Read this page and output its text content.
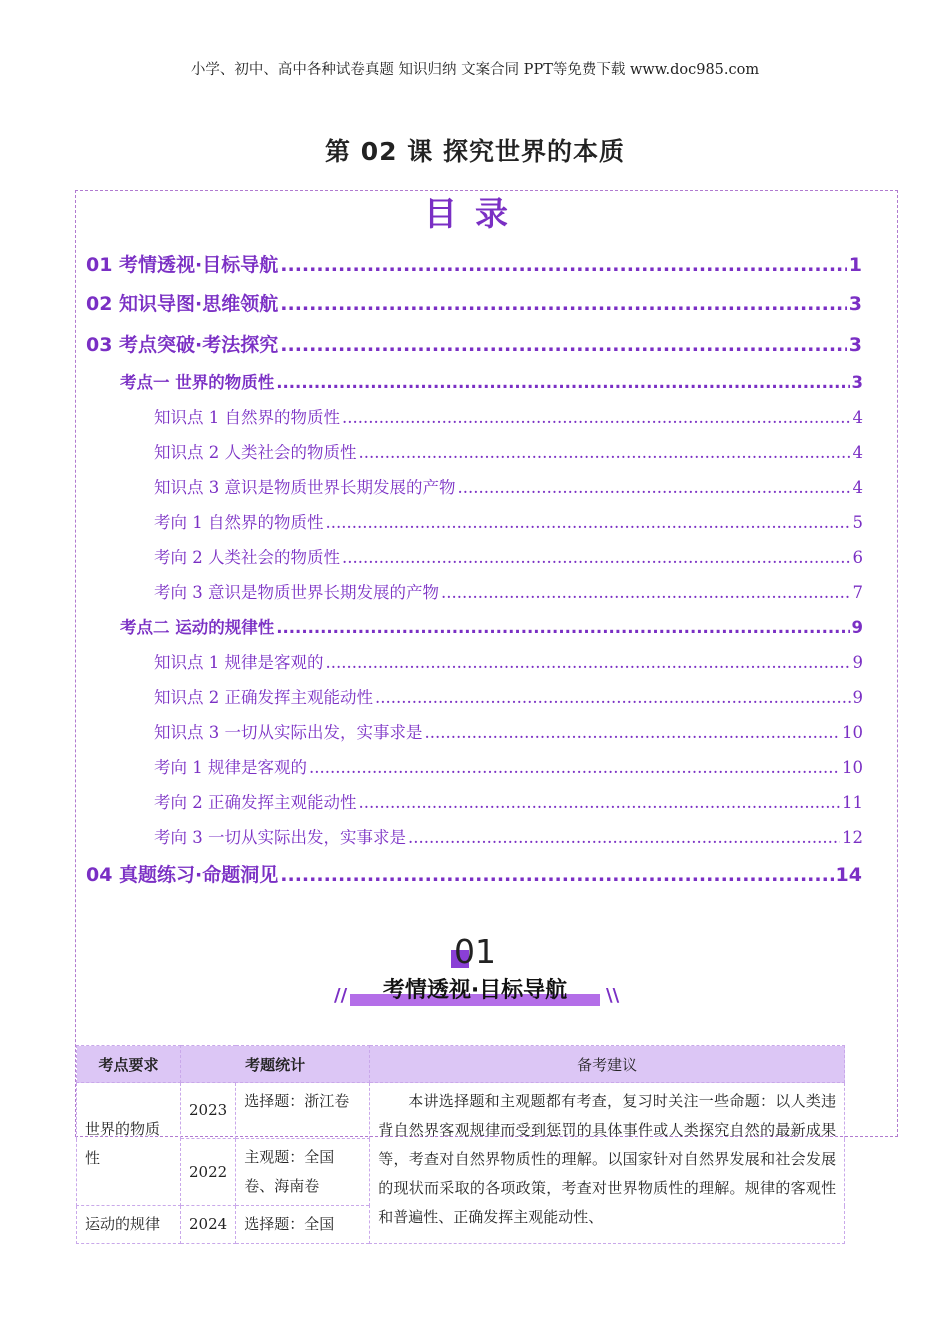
小学、初中、高中各种试卷真题 知识归纳 文案合同 PPT等免费下载 www.doc985.com
第 02 课 探究世界的本质
目录
01 考情透视·目标导航 .....	1
02 知识导图·思维领航 .....	3
03 考点突破·考法探究 .....	3
考点一 世界的物质性 .....	3
知识点 1 自然界的物质性 .....	4
知识点 2 人类社会的物质性 .....	4
知识点 3 意识是物质世界长期发展的产物 .....	4
考向 1 自然界的物质性 .....	5
考向 2 人类社会的物质性 .....	6
考向 3 意识是物质世界长期发展的产物 .....	7
考点二 运动的规律性 .....	9
知识点 1 规律是客观的 .....	9
知识点 2 正确发挥主观能动性 .....	9
知识点 3 一切从实际出发，实事求是 .....	10
考向 1 规律是客观的 .....	10
考向 2 正确发挥主观能动性 .....	11
考向 3 一切从实际出发，实事求是 .....	12
04 真题练习·命题洞见 .....	14
01
//	\\
考情透视·目标导航
考点要求	考题统计		备考建议
世界的物质性	2023	选择题：浙江卷	本讲选择题和主观题都有考查，复习时关注一些命题：以人类违背自然界客观规律而受到惩罚的具体事件或人类探究自然的最新成果等，考查对自然界物质性的理解。以国家针对自然界发展和社会发展的现状而采取的各项政策，考查对世界物质性的理解。规律的客观性和普遍性、正确发挥主观能动性、
	2022	主观题：全国卷、海南卷	
运动的规律	2024	选择题：全国	
